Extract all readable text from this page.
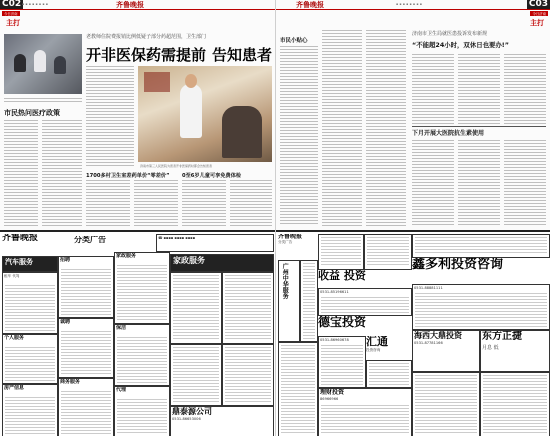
C02 ▪ ▪ ▪ ▪ ▪ ▪ ▪ ▪	齐鲁晚报
今日济南
主打
老教师住院费报销比例低疑子部分药超范围，卫生部门
开非医保药需提前 告知患者
市民热问医疗政策
济南市第三人民医院为患者开非医保药时都会告知患者
1700多村卫生室差药单价“零差价” 0至6岁儿童可享免费体检
齐鲁晚报	分类广告	☎ ▪▪▪▪ ▪▪▪▪ ▪▪▪▪
汽车服务
租车 代驾
个人服务
房产信息
招聘
诚聘
商务服务
家政服务
保洁
代理
家政服务
鼎泰源公司
0531-86653006
齐鲁晚报	▪ ▪ ▪ ▪ ▪ ▪ ▪ ▪	C03
今日济南
主打
市民小贴心
济南市卫生局就医患投诉发布新规
“不能超24小时，双休日也要办!”
下月开展大医院抗生素使用
齐鲁晚报
分类广告
广州中华服务	收益 投资
0531-85196611
德宝投资
0531-86960678	汇通
投资咨询
理财投资
86966966
鑫多利投资咨询
0531-88881111
海西大鼎投资
0531-87781166
东方正捷
月息 低
